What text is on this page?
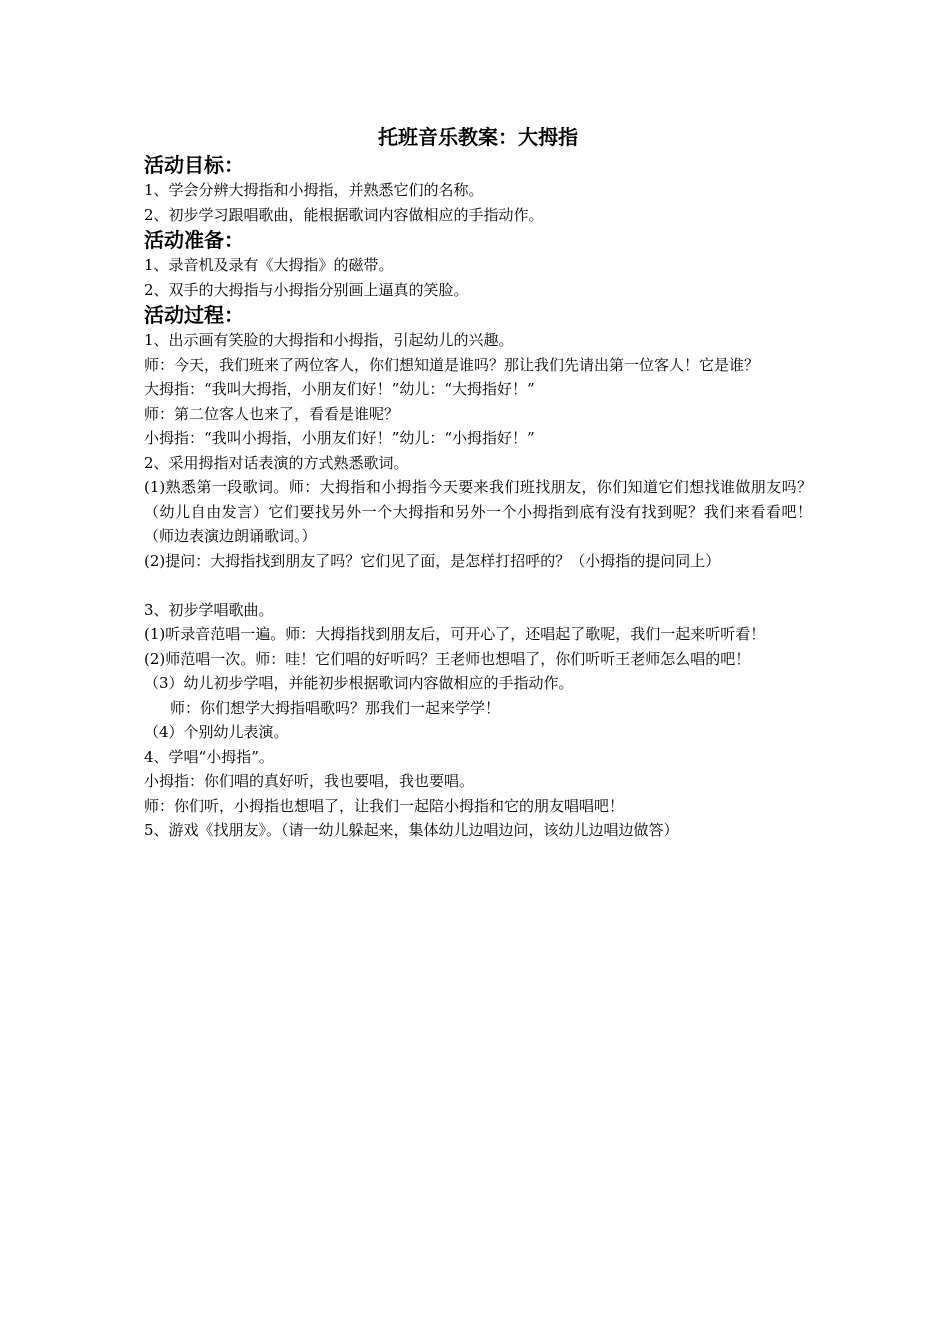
托班音乐教案：大拇指
活动目标：

1、学会分辨大拇指和小拇指，并熟悉它们的名称。

2、初步学习跟唱歌曲，能根据歌词内容做相应的手指动作。

活动准备：

1、录音机及录有《大拇指》的磁带。

2、双手的大拇指与小拇指分别画上逼真的笑脸。

活动过程：

1、出示画有笑脸的大拇指和小拇指，引起幼儿的兴趣。

师：今天，我们班来了两位客人，你们想知道是谁吗？那让我们先请出第一位客人！它是谁？

大拇指：“我叫大拇指，小朋友们好！”幼儿：“大拇指好！”

师：第二位客人也来了，看看是谁呢？

小拇指：“我叫小拇指，小朋友们好！”幼儿：“小拇指好！”

2、采用拇指对话表演的方式熟悉歌词。

(1)熟悉第一段歌词。师：大拇指和小拇指今天要来我们班找朋友，你们知道它们想找谁做朋友吗？（幼儿自由发言）它们要找另外一个大拇指和另外一个小拇指到底有没有找到呢？我们来看看吧！（师边表演边朗诵歌词。）

(2)提问：大拇指找到朋友了吗？它们见了面，是怎样打招呼的？（小拇指的提问同上）

3、初步学唱歌曲。

(1)听录音范唱一遍。师：大拇指找到朋友后，可开心了，还唱起了歌呢，我们一起来听听看！

(2)师范唱一次。师：哇！它们唱的好听吗？王老师也想唱了，你们听听王老师怎么唱的吧！

（3）幼儿初步学唱，并能初步根据歌词内容做相应的手指动作。

师：你们想学大拇指唱歌吗？那我们一起来学学！

（4）个别幼儿表演。

4、学唱“小拇指”。

小拇指：你们唱的真好听，我也要唱，我也要唱。

师：你们听，小拇指也想唱了，让我们一起陪小拇指和它的朋友唱唱吧！

5、游戏《找朋友》。（请一幼儿躲起来，集体幼儿边唱边问，该幼儿边唱边做答）
